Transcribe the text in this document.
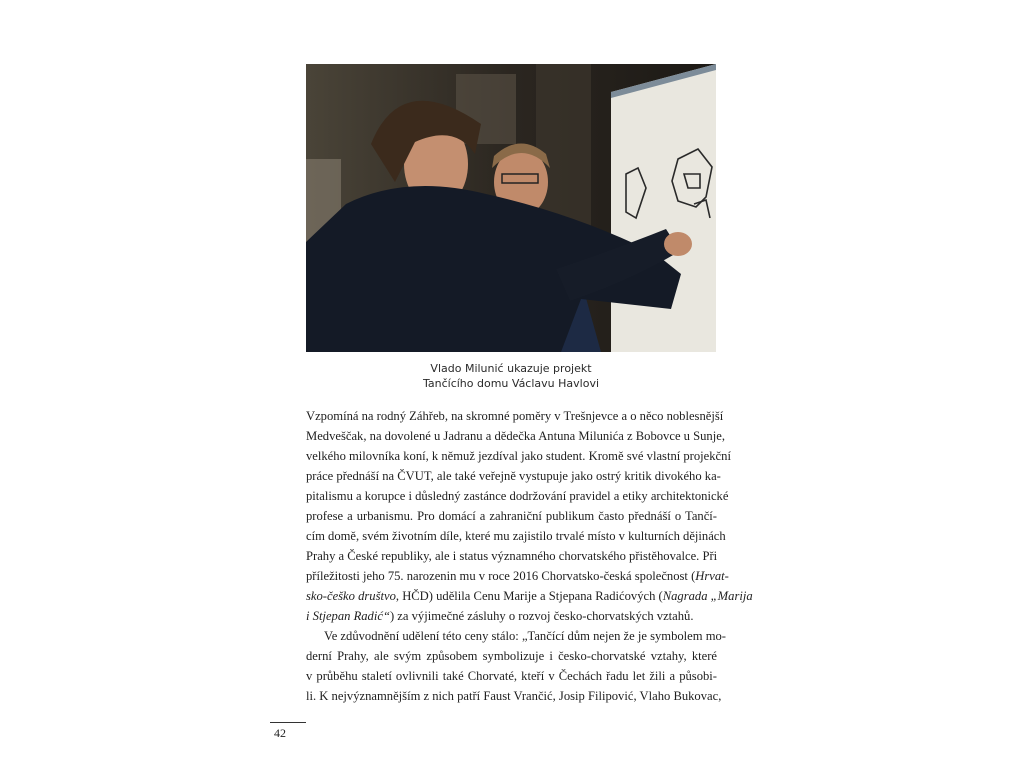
Vlado Milunić ukazuje projekt
Tančícího domu Václavu Havlovi
Vzpomíná na rodný Záhřeb, na skromné poměry v Trešnjevce a o něco noblesnější
Medveščak, na dovolené u Jadranu a dědečka Antuna Milunića z Bobovce u Sunje,
velkého milovníka koní, k němuž jezdíval jako student. Kromě své vlastní projekční
práce přednáší na ČVUT, ale také veřejně vystupuje jako ostrý kritik divokého ka-
pitalismu a korupce i důsledný zastánce dodržování pravidel a etiky architektonické
profese a urbanismu. Pro domácí a zahraniční publikum často přednáší o Tančí-
cím domě, svém životním díle, které mu zajistilo trvalé místo v kulturních dějinách
Prahy a České republiky, ale i status významného chorvatského přistěhovalce. Při
příležitosti jeho 75. narozenin mu v roce 2016 Chorvatsko-česká společnost (Hrvat-
sko-češko društvo, HČD) udělila Cenu Marije a Stjepana Radićových (Nagrada „Marija
i Stjepan Radić“) za výjimečné zásluhy o rozvoj česko-chorvatských vztahů.
Ve zdůvodnění udělení této ceny stálo: „Tančící dům nejen že je symbolem mo-
derní Prahy, ale svým způsobem symbolizuje i česko-chorvatské vztahy, které
v průběhu staletí ovlivnili také Chorvaté, kteří v Čechách řadu let žili a působi-
li. K nejvýznamnějším z nich patří Faust Vrančić, Josip Filipović, Vlaho Bukovac,
42
